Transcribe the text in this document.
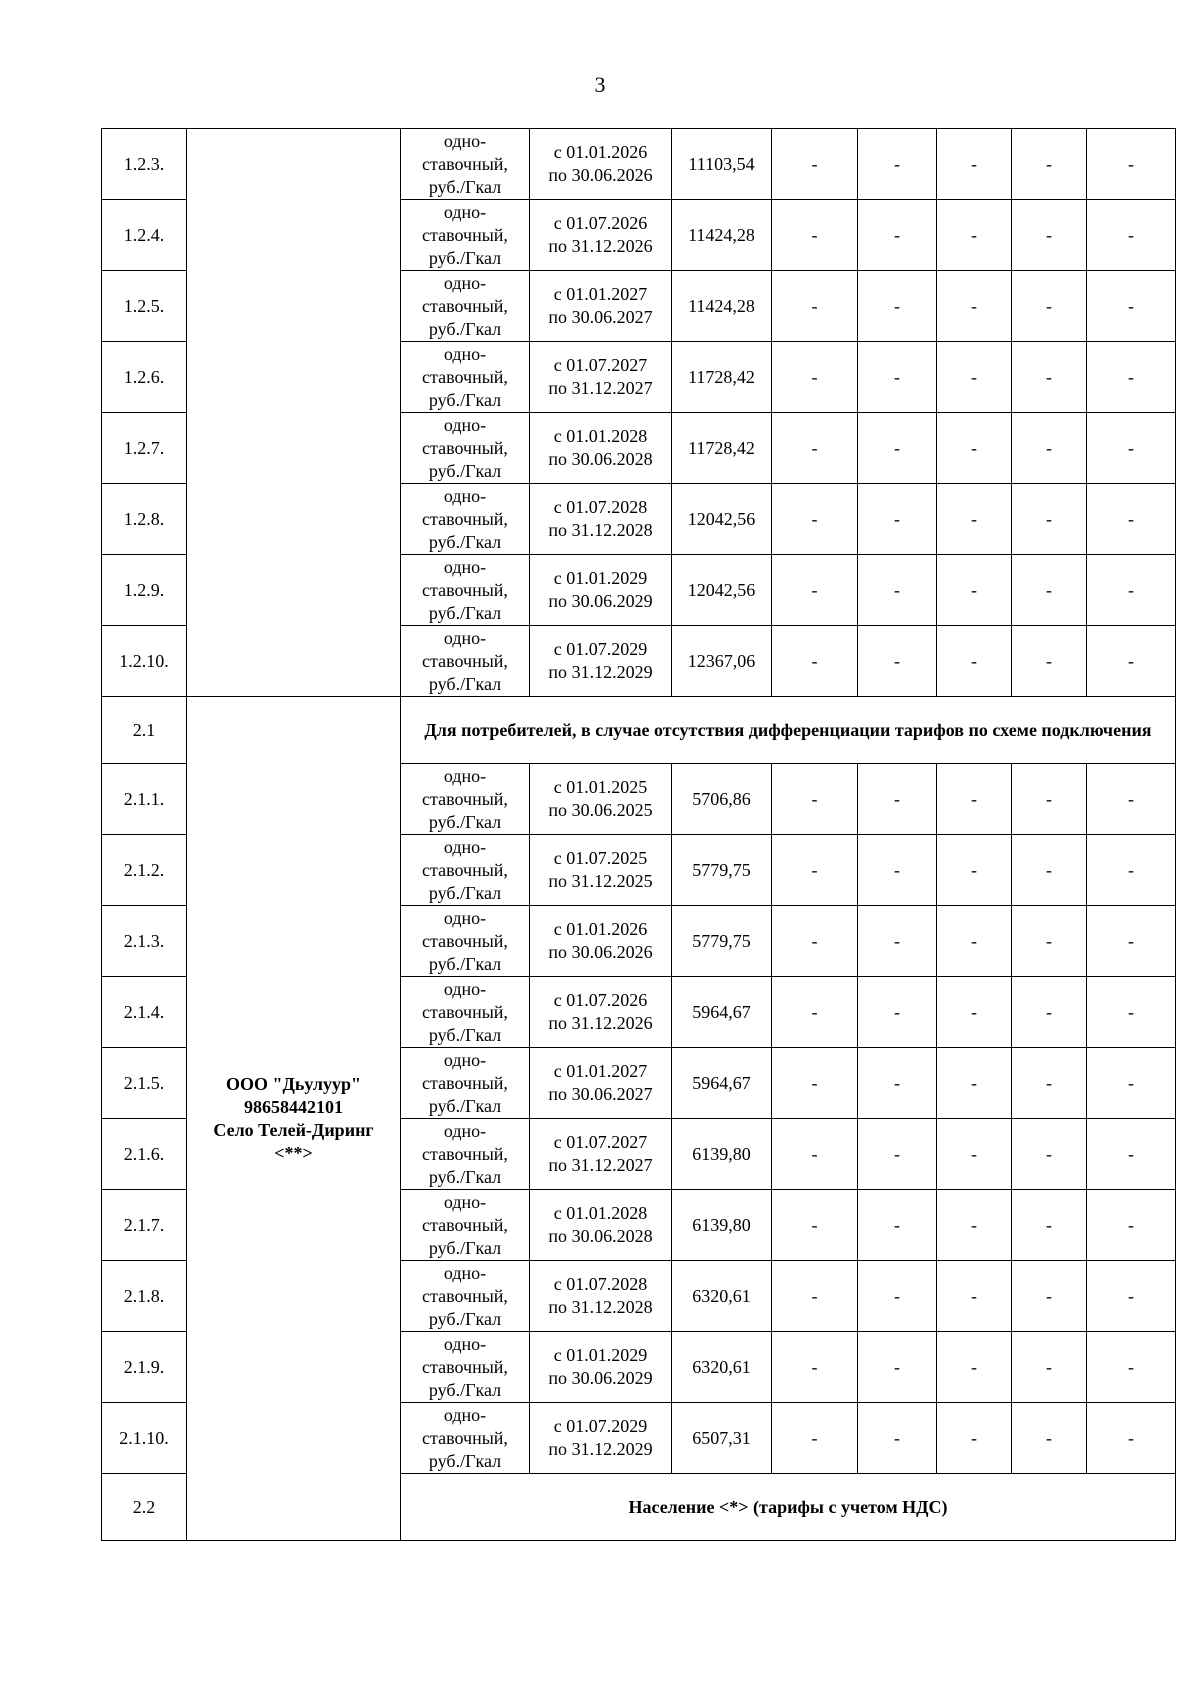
3
1.2.3.		одно-
ставочный,
руб./Гкал	с 01.01.2026
по 30.06.2026	11103,54	-	-	-	-	-
1.2.4.		одно-
ставочный,
руб./Гкал	с 01.07.2026
по 31.12.2026	11424,28	-	-	-	-	-
1.2.5.		одно-
ставочный,
руб./Гкал	с 01.01.2027
по 30.06.2027	11424,28	-	-	-	-	-
1.2.6.		одно-
ставочный,
руб./Гкал	с 01.07.2027
по 31.12.2027	11728,42	-	-	-	-	-
1.2.7.		одно-
ставочный,
руб./Гкал	с 01.01.2028
по 30.06.2028	11728,42	-	-	-	-	-
1.2.8.		одно-
ставочный,
руб./Гкал	с 01.07.2028
по 31.12.2028	12042,56	-	-	-	-	-
1.2.9.		одно-
ставочный,
руб./Гкал	с 01.01.2029
по 30.06.2029	12042,56	-	-	-	-	-
1.2.10.		одно-
ставочный,
руб./Гкал	с 01.07.2029
по 31.12.2029	12367,06	-	-	-	-	-
2.1	ООО "Дьулуур"
98658442101
Село Телей-Диринг
<**>	Для потребителей, в случае отсутствия дифференциации тарифов по схеме подключения							
2.1.1.		одно-
ставочный,
руб./Гкал	с 01.01.2025
по 30.06.2025	5706,86	-	-	-	-	-
2.1.2.		одно-
ставочный,
руб./Гкал	с 01.07.2025
по 31.12.2025	5779,75	-	-	-	-	-
2.1.3.		одно-
ставочный,
руб./Гкал	с 01.01.2026
по 30.06.2026	5779,75	-	-	-	-	-
2.1.4.		одно-
ставочный,
руб./Гкал	с 01.07.2026
по 31.12.2026	5964,67	-	-	-	-	-
2.1.5.		одно-
ставочный,
руб./Гкал	с 01.01.2027
по 30.06.2027	5964,67	-	-	-	-	-
2.1.6.		одно-
ставочный,
руб./Гкал	с 01.07.2027
по 31.12.2027	6139,80	-	-	-	-	-
2.1.7.		одно-
ставочный,
руб./Гкал	с 01.01.2028
по 30.06.2028	6139,80	-	-	-	-	-
2.1.8.		одно-
ставочный,
руб./Гкал	с 01.07.2028
по 31.12.2028	6320,61	-	-	-	-	-
2.1.9.		одно-
ставочный,
руб./Гкал	с 01.01.2029
по 30.06.2029	6320,61	-	-	-	-	-
2.1.10.		одно-
ставочный,
руб./Гкал	с 01.07.2029
по 31.12.2029	6507,31	-	-	-	-	-
2.2		Население <*> (тарифы с учетом НДС)							
